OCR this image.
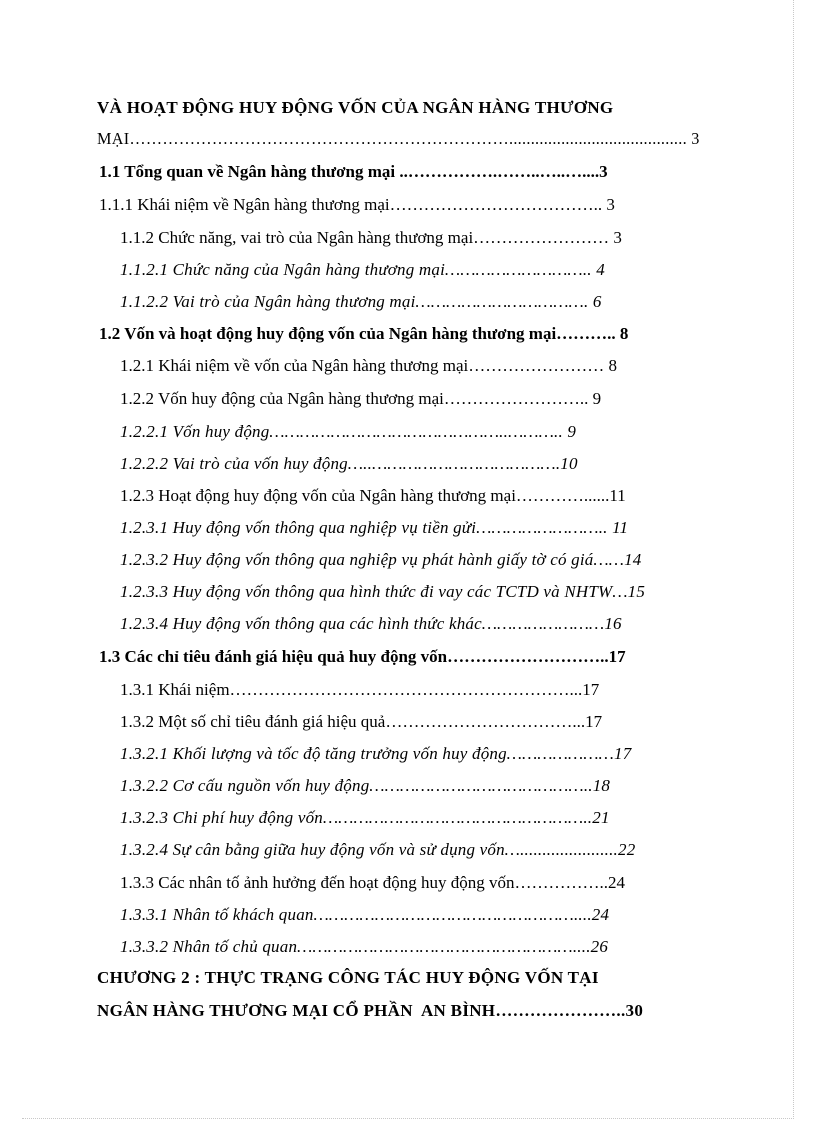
VÀ HOẠT ĐỘNG HUY ĐỘNG VỐN CỦA NGÂN HÀNG THƯƠNG
MẠI……………………………………………………………......................................... 3
1.1 Tổng quan về Ngân hàng thương mại ..…………….……..…..…....3
1.1.1 Khái niệm về Ngân hàng thương mại……………………………….. 3
1.1.2 Chức năng, vai trò của Ngân hàng thương mại…………………… 3
1.1.2.1 Chức năng của Ngân hàng thương mại……………………….. 4
1.1.2.2 Vai trò của Ngân hàng thương mại……………………………. 6
1.2 Vốn và hoạt động huy động vốn của Ngân hàng thương mại……….. 8
1.2.1 Khái niệm về vốn của Ngân hàng thương mại…………………… 8
1.2.2 Vốn huy động của Ngân hàng thương mại…………………….. 9
1.2.2.1 Vốn huy động………………………………………..……….. 9
1.2.2.2 Vai trò của vốn huy động…..……………………………….10
1.2.3 Hoạt động huy động vốn của Ngân hàng thương mại…………......11
1.2.3.1 Huy động vốn thông qua nghiệp vụ tiền gửi…………………….. 11
1.2.3.2 Huy động vốn thông qua nghiệp vụ phát hành giấy tờ có giá……14
1.2.3.3 Huy động vốn thông qua hình thức đi vay các TCTD và NHTW…15
1.2.3.4 Huy động vốn thông qua các hình thức khác……………………16
1.3 Các chỉ tiêu đánh giá hiệu quả huy động vốn………………………..17
1.3.1 Khái niệm……………………………………………………...17
1.3.2 Một số chỉ tiêu đánh giá hiệu quả……………………………...17
1.3.2.1 Khối lượng và tốc độ tăng trưởng vốn huy động…………………17
1.3.2.2 Cơ cấu nguồn vốn huy động……………………………………..18
1.3.2.3 Chi phí huy động vốn……………………………………………..21
1.3.2.4 Sự cân bằng giữa huy động vốn và sử dụng vốn…......................22
1.3.3 Các nhân tố ảnh hưởng đến hoạt động huy động vốn……………..24
1.3.3.1 Nhân tố khách quan……………………………………………....24
1.3.3.2 Nhân tố chủ quan………………………………………………....26
CHƯƠNG 2 : THỰC TRẠNG CÔNG TÁC HUY ĐỘNG VỐN TẠI
NGÂN HÀNG THƯƠNG MẠI CỔ PHẦN  AN BÌNH…………………..30
